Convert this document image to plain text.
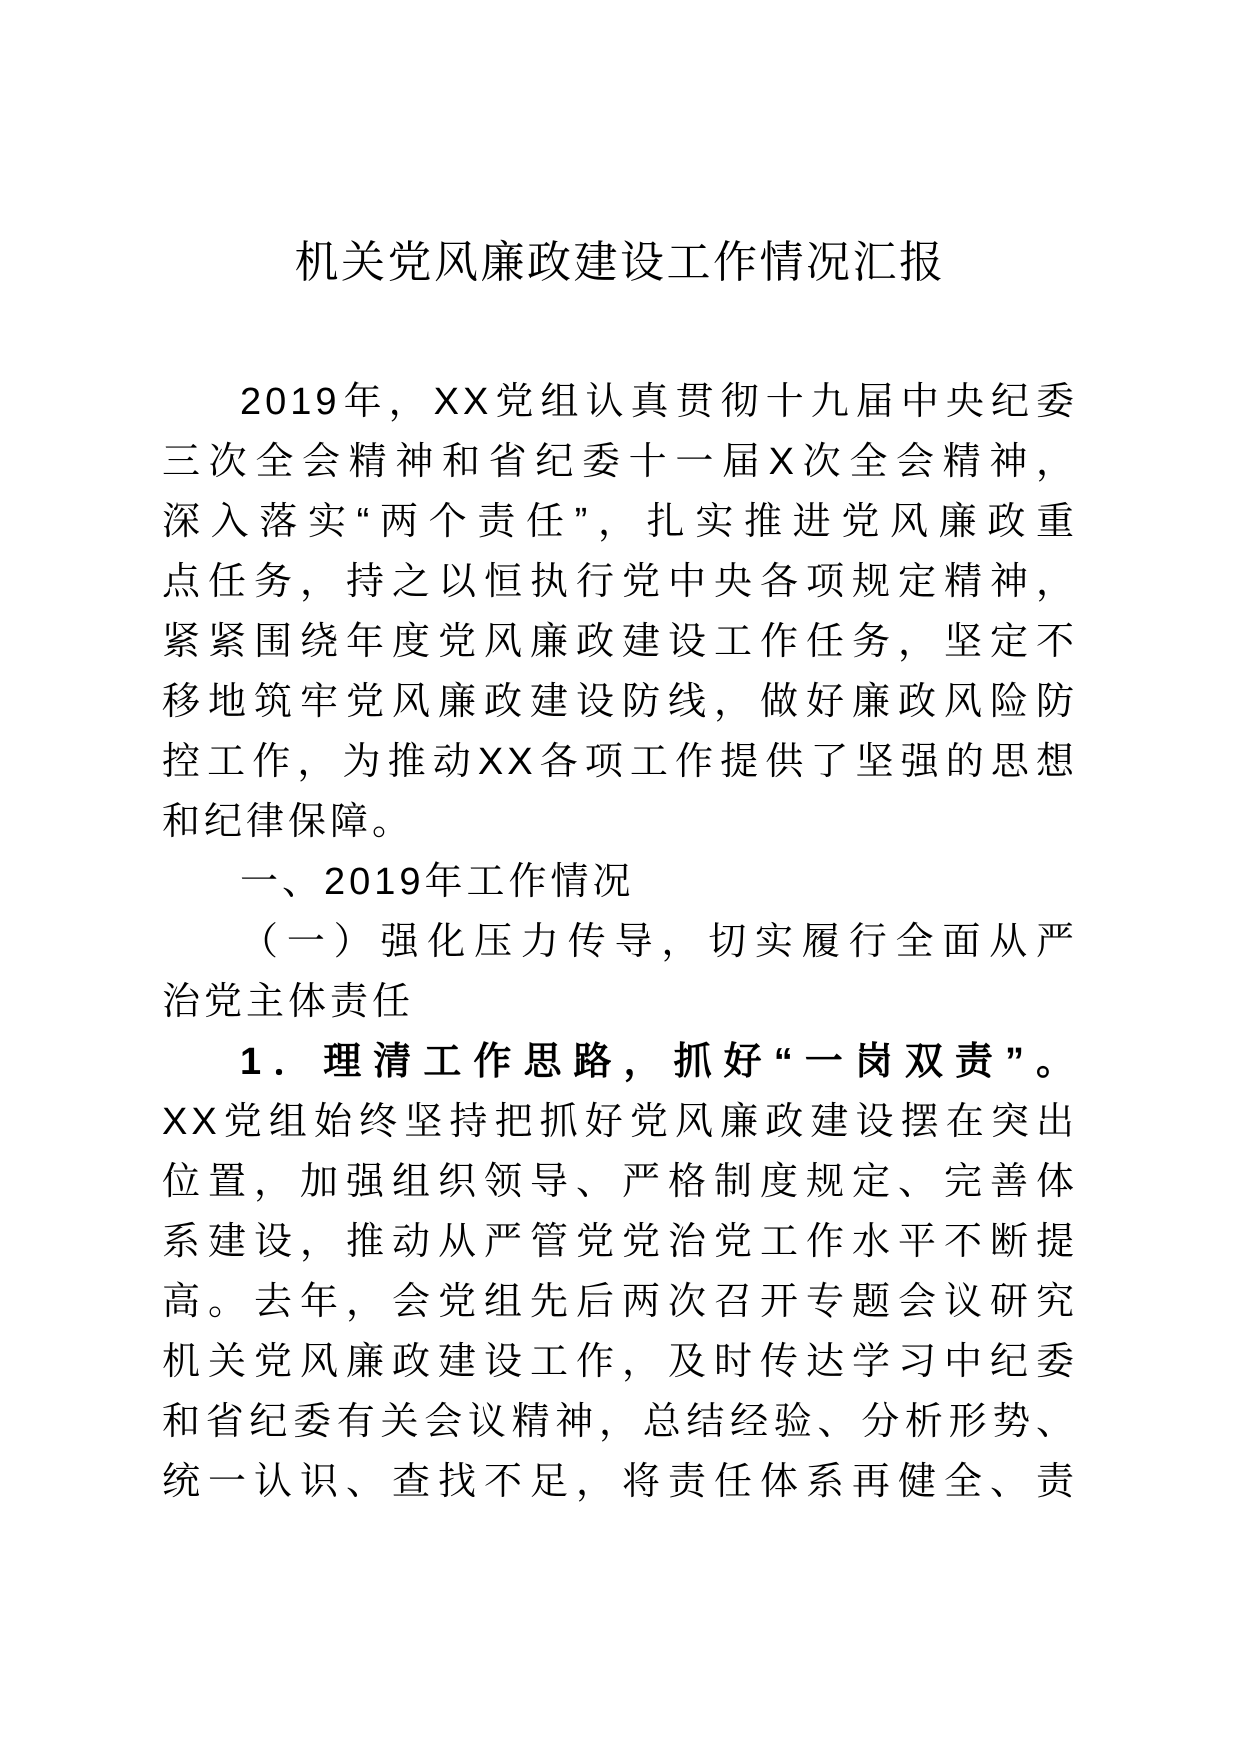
机关党风廉政建设工作情况汇报
2019年，XX党组认真贯彻十九届中央纪委
三次全会精神和省纪委十一届X次全会精神，
深入落实“两个责任”，扎实推进党风廉政重
点任务，持之以恒执行党中央各项规定精神，
紧紧围绕年度党风廉政建设工作任务，坚定不
移地筑牢党风廉政建设防线，做好廉政风险防
控工作，为推动XX各项工作提供了坚强的思想
和纪律保障。
一、2019年工作情况
（一）强化压力传导，切实履行全面从严
治党主体责任
1．理清工作思路，抓好“一岗双责”。
XX党组始终坚持把抓好党风廉政建设摆在突出
位置，加强组织领导、严格制度规定、完善体
系建设，推动从严管党党治党工作水平不断提
高。去年，会党组先后两次召开专题会议研究
机关党风廉政建设工作，及时传达学习中纪委
和省纪委有关会议精神，总结经验、分析形势、
统一认识、查找不足，将责任体系再健全、责
